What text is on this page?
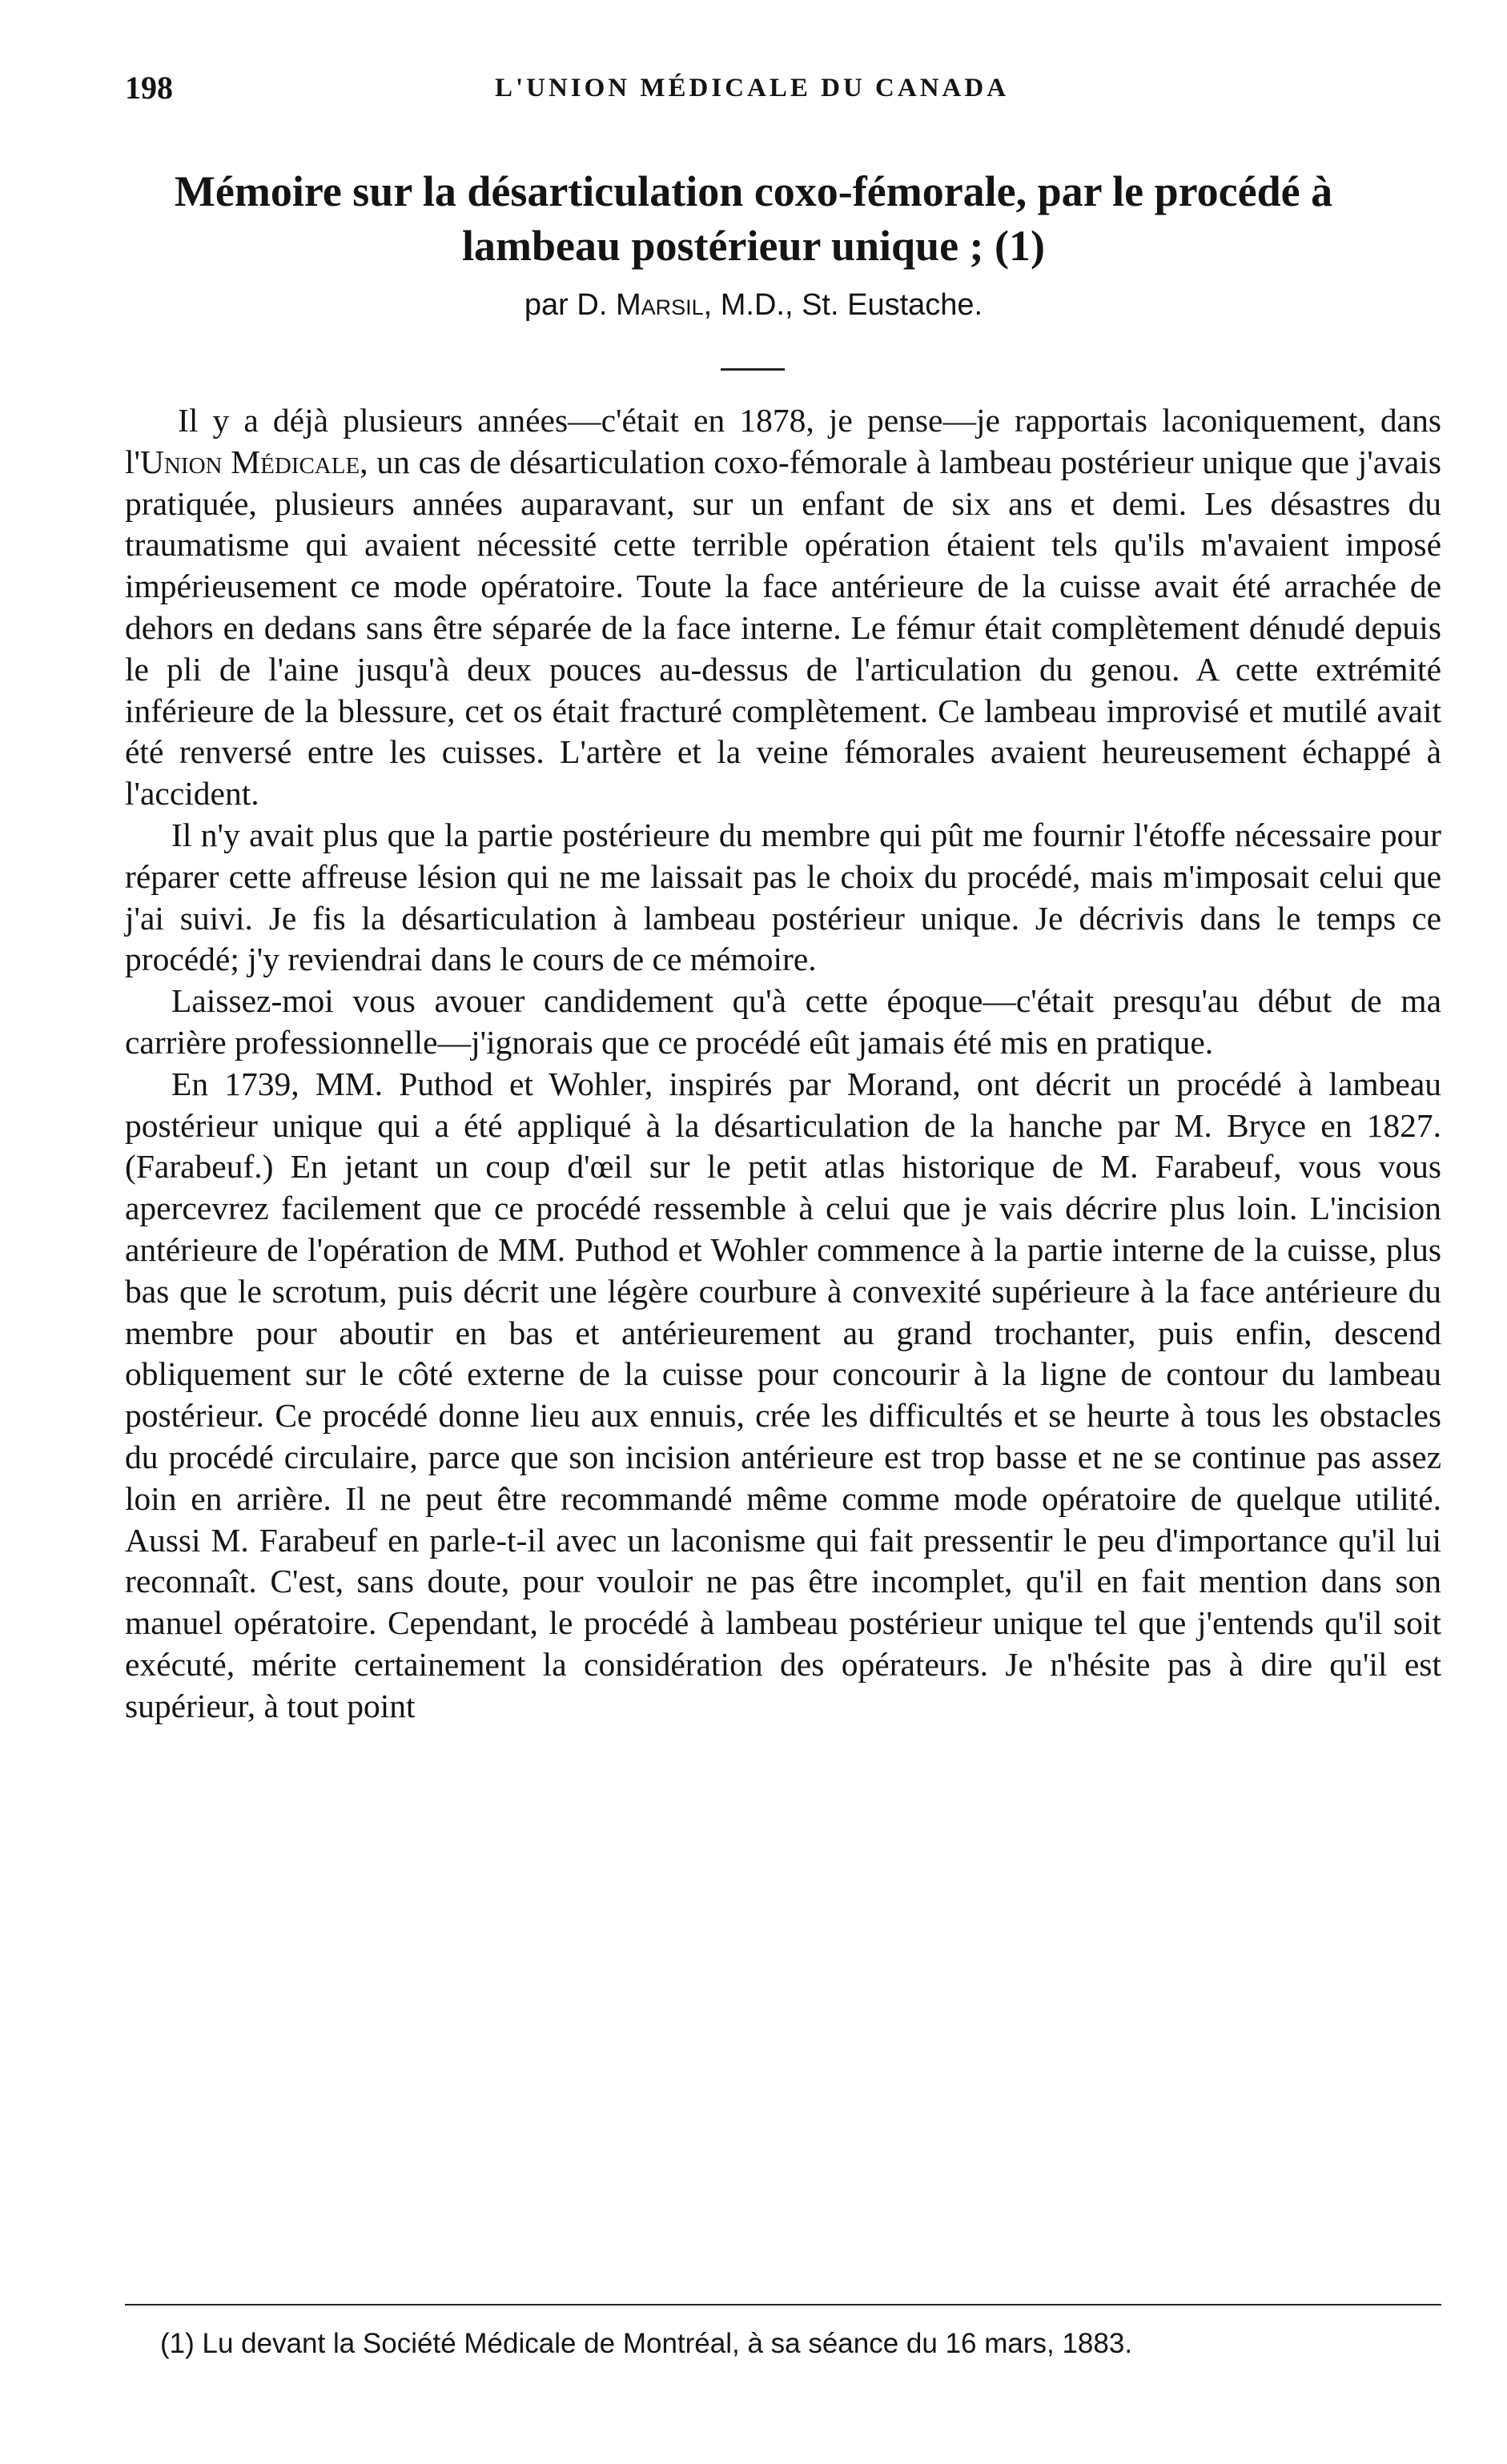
198	L'UNION MÉDICALE DU CANADA
Mémoire sur la désarticulation coxo-fémorale, par le procédé à lambeau postérieur unique ; (1)
par D. Marsil, M.D., St. Eustache.

Il y a déjà plusieurs années—c'était en 1878, je pense—je rapportais laconiquement, dans l'Union Médicale, un cas de désarticulation coxo-fémorale à lambeau postérieur unique que j'avais pratiquée, plusieurs années auparavant, sur un enfant de six ans et demi. Les désastres du traumatisme qui avaient nécessité cette terrible opération étaient tels qu'ils m'avaient imposé impérieusement ce mode opératoire. Toute la face antérieure de la cuisse avait été arrachée de dehors en dedans sans être séparée de la face interne. Le fémur était complètement dénudé depuis le pli de l'aine jusqu'à deux pouces au-dessus de l'articulation du genou. A cette extrémité inférieure de la blessure, cet os était fracturé complètement. Ce lambeau improvisé et mutilé avait été renversé entre les cuisses. L'artère et la veine fémorales avaient heureusement échappé à l'accident.

Il n'y avait plus que la partie postérieure du membre qui pût me fournir l'étoffe nécessaire pour réparer cette affreuse lésion qui ne me laissait pas le choix du procédé, mais m'imposait celui que j'ai suivi. Je fis la désarticulation à lambeau postérieur unique. Je décrivis dans le temps ce procédé; j'y reviendrai dans le cours de ce mémoire.

Laissez-moi vous avouer candidement qu'à cette époque—c'était presqu'au début de ma carrière professionnelle—j'ignorais que ce procédé eût jamais été mis en pratique.

En 1739, MM. Puthod et Wohler, inspirés par Morand, ont décrit un procédé à lambeau postérieur unique qui a été appliqué à la désarticulation de la hanche par M. Bryce en 1827. (Farabeuf.) En jetant un coup d'œil sur le petit atlas historique de M. Farabeuf, vous vous apercevrez facilement que ce procédé ressemble à celui que je vais décrire plus loin. L'incision antérieure de l'opération de MM. Puthod et Wohler commence à la partie interne de la cuisse, plus bas que le scrotum, puis décrit une légère courbure à convexité supérieure à la face antérieure du membre pour aboutir en bas et antérieurement au grand trochanter, puis enfin, descend obliquement sur le côté externe de la cuisse pour concourir à la ligne de contour du lambeau postérieur. Ce procédé donne lieu aux ennuis, crée les difficultés et se heurte à tous les obstacles du procédé circulaire, parce que son incision antérieure est trop basse et ne se continue pas assez loin en arrière. Il ne peut être recommandé même comme mode opératoire de quelque utilité. Aussi M. Farabeuf en parle-t-il avec un laconisme qui fait pressentir le peu d'importance qu'il lui reconnaît. C'est, sans doute, pour vouloir ne pas être incomplet, qu'il en fait mention dans son manuel opératoire. Cependant, le procédé à lambeau postérieur unique tel que j'entends qu'il soit exécuté, mérite certainement la considération des opérateurs. Je n'hésite pas à dire qu'il est supérieur, à tout point

(1) Lu devant la Société Médicale de Montréal, à sa séance du 16 mars, 1883.
